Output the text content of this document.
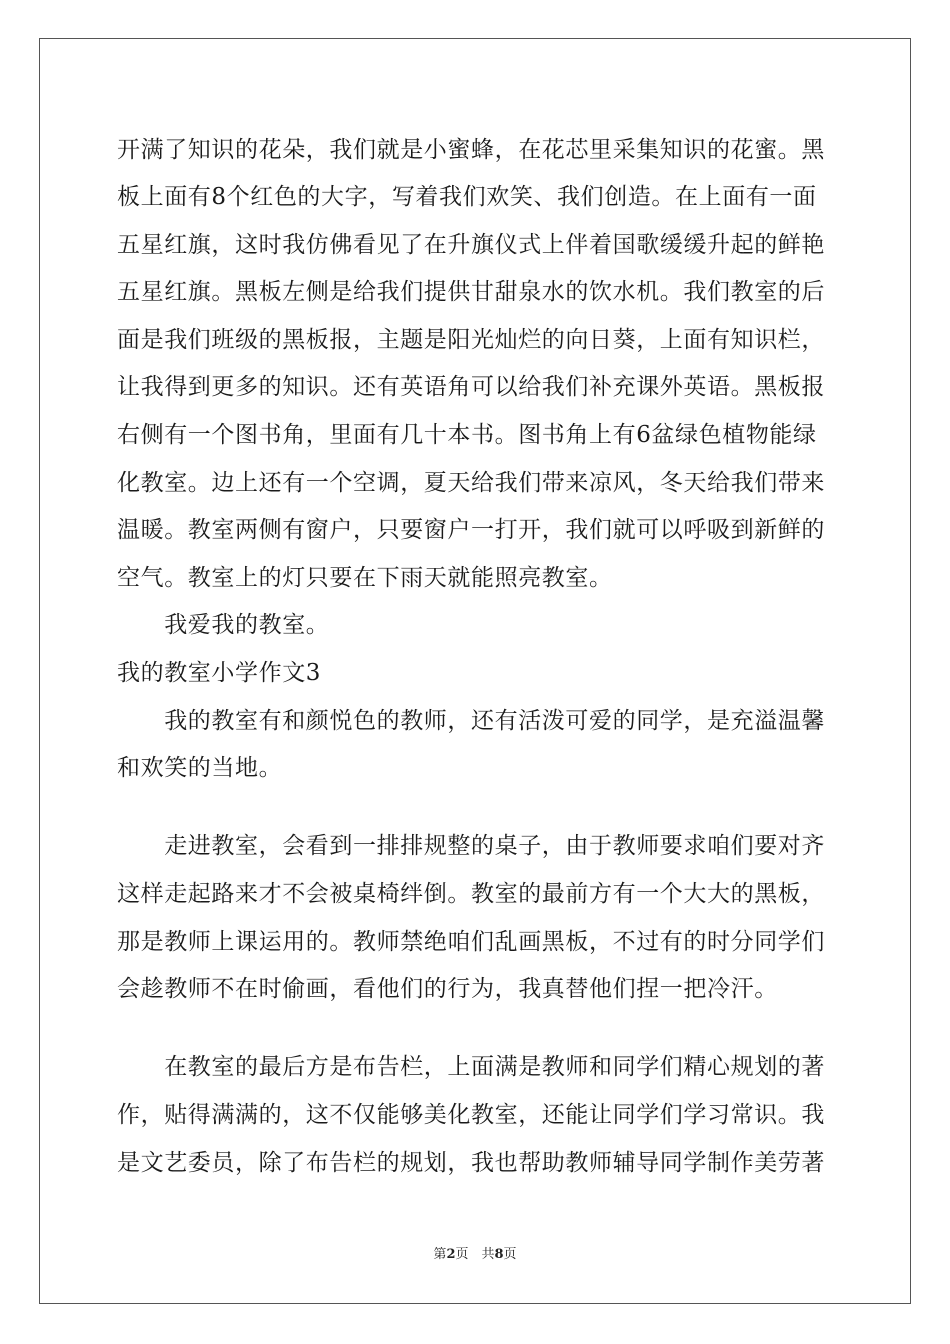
开满了知识的花朵，我们就是小蜜蜂，在花芯里采集知识的花蜜。黑
板上面有8个红色的大字，写着我们欢笑、我们创造。在上面有一面
五星红旗，这时我仿佛看见了在升旗仪式上伴着国歌缓缓升起的鲜艳
五星红旗。黑板左侧是给我们提供甘甜泉水的饮水机。我们教室的后
面是我们班级的黑板报，主题是阳光灿烂的向日葵，上面有知识栏，
让我得到更多的知识。还有英语角可以给我们补充课外英语。黑板报
右侧有一个图书角，里面有几十本书。图书角上有6盆绿色植物能绿
化教室。边上还有一个空调，夏天给我们带来凉风，冬天给我们带来
温暖。教室两侧有窗户，只要窗户一打开，我们就可以呼吸到新鲜的
空气。教室上的灯只要在下雨天就能照亮教室。
　　我爱我的教室。
我的教室小学作文3
　　我的教室有和颜悦色的教师，还有活泼可爱的同学，是充溢温馨
和欢笑的当地。
　　走进教室，会看到一排排规整的桌子，由于教师要求咱们要对齐
这样走起路来才不会被桌椅绊倒。教室的最前方有一个大大的黑板，
那是教师上课运用的。教师禁绝咱们乱画黑板，不过有的时分同学们
会趁教师不在时偷画，看他们的行为，我真替他们捏一把冷汗。
　　在教室的最后方是布告栏，上面满是教师和同学们精心规划的著
作，贴得满满的，这不仅能够美化教室，还能让同学们学习常识。我
是文艺委员，除了布告栏的规划，我也帮助教师辅导同学制作美劳著
第2页　共8页
